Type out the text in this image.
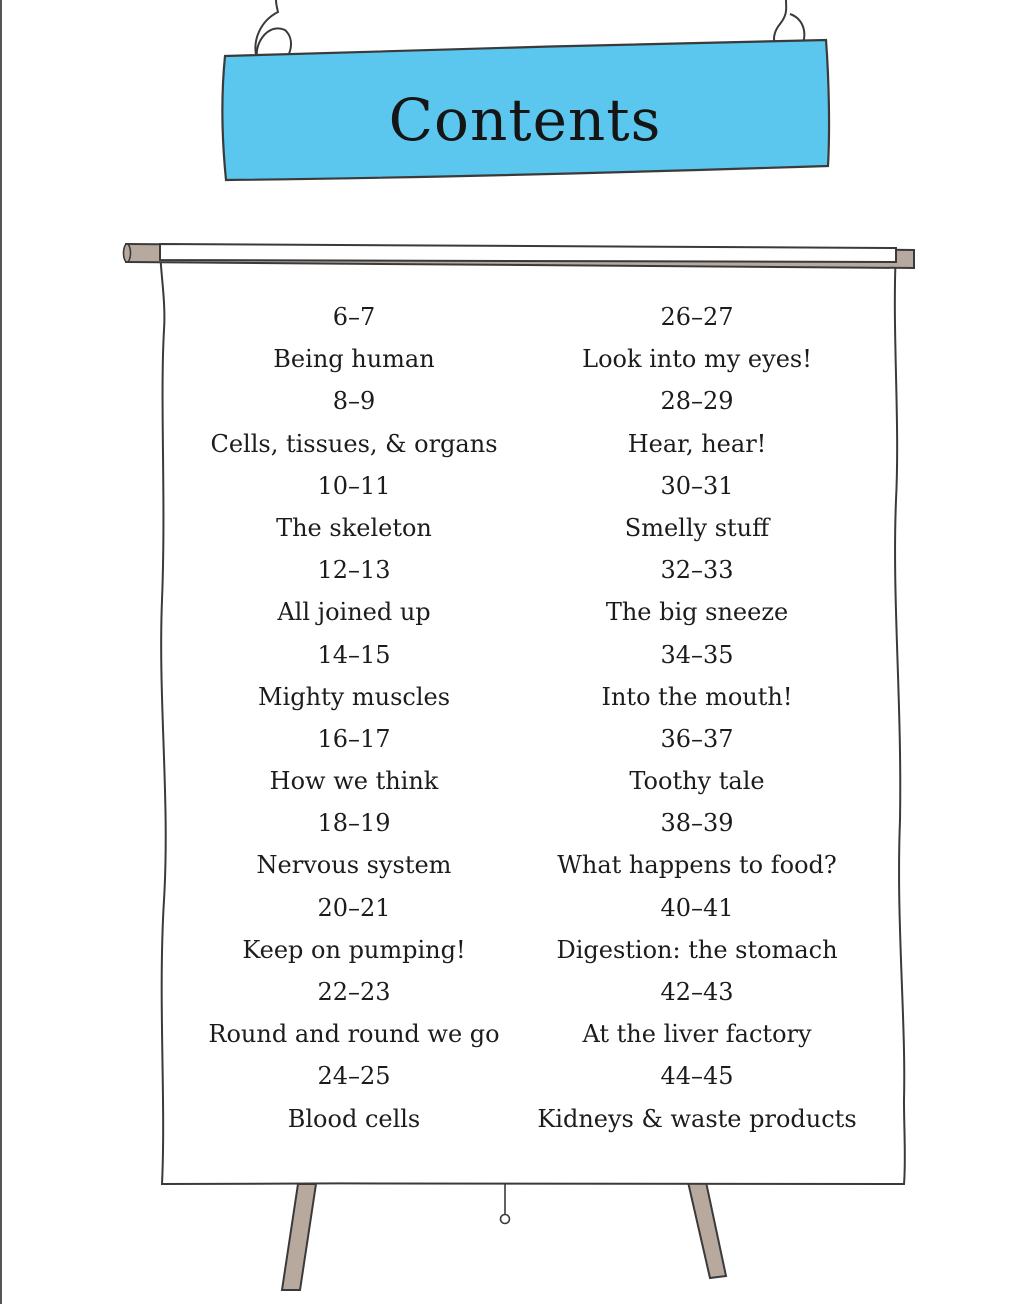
Contents
6–7
Being human
8–9
Cells, tissues, & organs
10–11
The skeleton
12–13
All joined up
14–15
Mighty muscles
16–17
How we think
18–19
Nervous system
20–21
Keep on pumping!
22–23
Round and round we go
24–25
Blood cells
26–27
Look into my eyes!
28–29
Hear, hear!
30–31
Smelly stuff
32–33
The big sneeze
34–35
Into the mouth!
36–37
Toothy tale
38–39
What happens to food?
40–41
Digestion: the stomach
42–43
At the liver factory
44–45
Kidneys & waste products
